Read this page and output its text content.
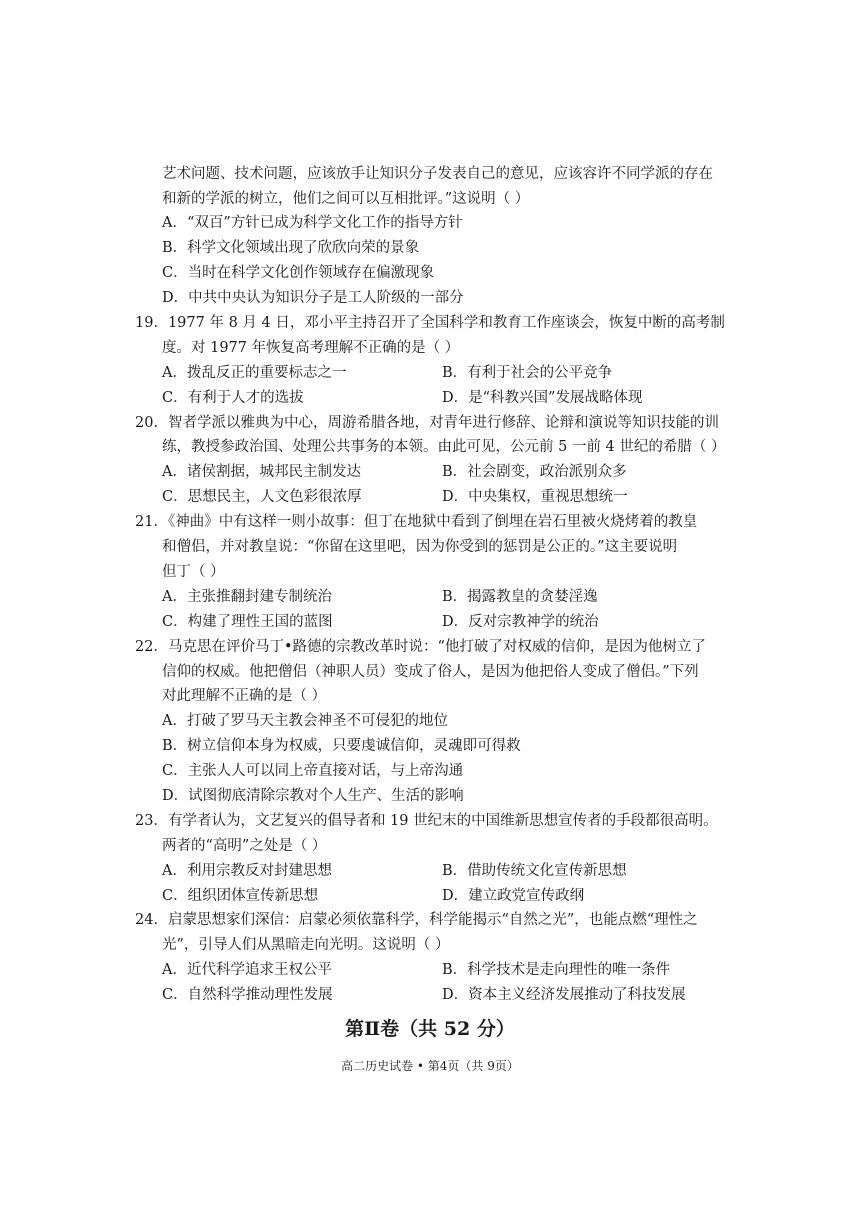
艺术问题、技术问题，应该放手让知识分子发表自己的意见，应该容许不同学派的存在
和新的学派的树立，他们之间可以互相批评。”这说明（ ）
A．“双百”方针已成为科学文化工作的指导方针
B．科学文化领域出现了欣欣向荣的景象
C．当时在科学文化创作领域存在偏激现象
D．中共中央认为知识分子是工人阶级的一部分
19．1977 年 8 月 4 日，邓小平主持召开了全国科学和教育工作座谈会，恢复中断的高考制
度。对 1977 年恢复高考理解不正确的是（ ）
A．拨乱反正的重要标志之一	B．有利于社会的公平竞争
C．有利于人才的选拔	D．是“科教兴国”发展战略体现
20．智者学派以雅典为中心，周游希腊各地，对青年进行修辞、论辩和演说等知识技能的训
练，教授参政治国、处理公共事务的本领。由此可见，公元前 5 一前 4 世纪的希腊（ ）
A．诸侯割据，城邦民主制发达	B．社会剧变，政治派别众多
C．思想民主，人文色彩很浓厚	D．中央集权，重视思想统一
21．《神曲》中有这样一则小故事：但丁在地狱中看到了倒埋在岩石里被火烧烤着的教皇
和僧侣，并对教皇说：“你留在这里吧，因为你受到的惩罚是公正的。”这主要说明
但丁（ ）
A．主张推翻封建专制统治	B．揭露教皇的贪婪淫逸
C．构建了理性王国的蓝图	D．反对宗教神学的统治
22．马克思在评价马丁•路德的宗教改革时说：“他打破了对权威的信仰，是因为他树立了
信仰的权威。他把僧侣（神职人员）变成了俗人，是因为他把俗人变成了僧侣。”下列
对此理解不正确的是（ ）
A．打破了罗马天主教会神圣不可侵犯的地位
B．树立信仰本身为权威，只要虔诚信仰，灵魂即可得救
C．主张人人可以同上帝直接对话，与上帝沟通
D．试图彻底清除宗教对个人生产、生活的影响
23．有学者认为，文艺复兴的倡导者和 19 世纪末的中国维新思想宣传者的手段都很高明。
两者的“高明”之处是（ ）
A．利用宗教反对封建思想	B．借助传统文化宣传新思想
C．组织团体宣传新思想	D．建立政党宣传政纲
24．启蒙思想家们深信：启蒙必须依靠科学，科学能揭示“自然之光”，也能点燃“理性之
光”，引导人们从黑暗走向光明。这说明（ ）
A．近代科学追求王权公平	B．科学技术是走向理性的唯一条件
C．自然科学推动理性发展	D．资本主义经济发展推动了科技发展
第Ⅱ卷（共 52 分）
高二历史试卷 • 第4页（共 9页）
